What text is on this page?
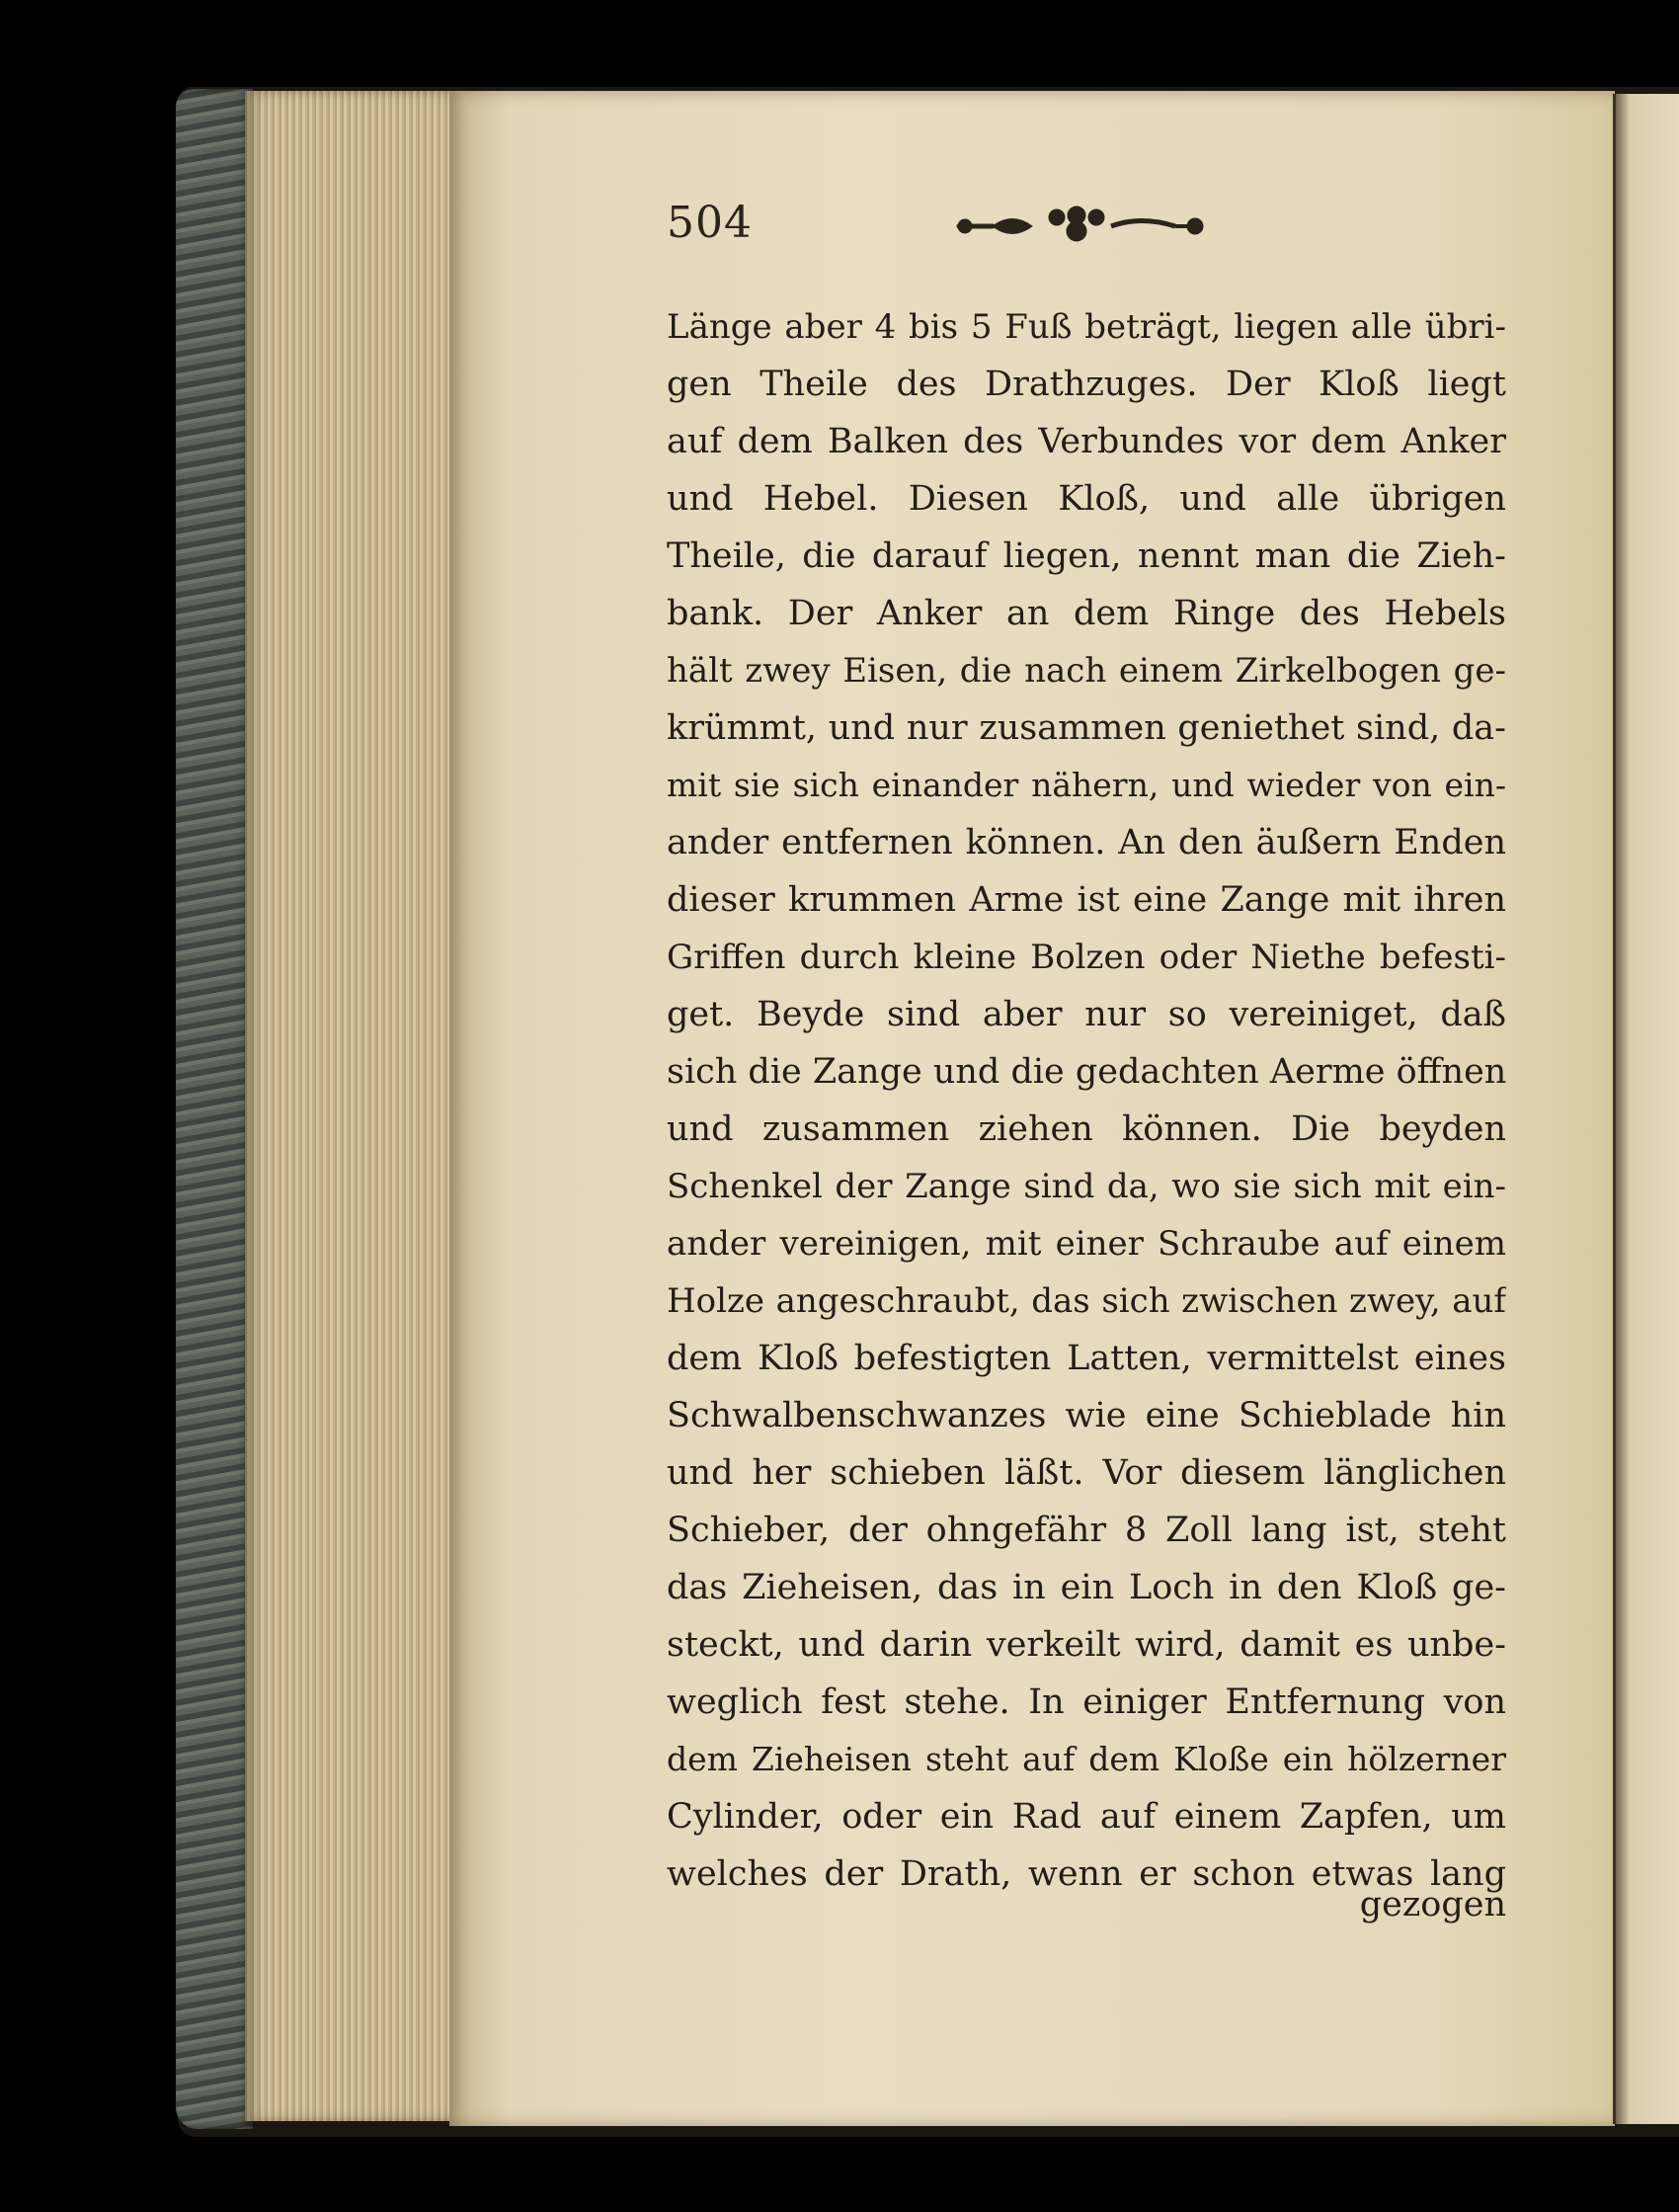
504
Länge aber 4 bis 5 Fuß beträgt, liegen alle übri-
gen Theile des Drathzuges. Der Kloß liegt
auf dem Balken des Verbundes vor dem Anker
und Hebel. Diesen Kloß, und alle übrigen
Theile, die darauf liegen, nennt man die Zieh-
bank. Der Anker an dem Ringe des Hebels
hält zwey Eisen, die nach einem Zirkelbogen ge-
krümmt, und nur zusammen geniethet sind, da-
mit sie sich einander nähern, und wieder von ein-
ander entfernen können. An den äußern Enden
dieser krummen Arme ist eine Zange mit ihren
Griffen durch kleine Bolzen oder Niethe befesti-
get. Beyde sind aber nur so vereiniget, daß
sich die Zange und die gedachten Aerme öffnen
und zusammen ziehen können. Die beyden
Schenkel der Zange sind da, wo sie sich mit ein-
ander vereinigen, mit einer Schraube auf einem
Holze angeschraubt, das sich zwischen zwey, auf
dem Kloß befestigten Latten, vermittelst eines
Schwalbenschwanzes wie eine Schieblade hin
und her schieben läßt. Vor diesem länglichen
Schieber, der ohngefähr 8 Zoll lang ist, steht
das Zieheisen, das in ein Loch in den Kloß ge-
steckt, und darin verkeilt wird, damit es unbe-
weglich fest stehe. In einiger Entfernung von
dem Zieheisen steht auf dem Kloße ein hölzerner
Cylinder, oder ein Rad auf einem Zapfen, um
welches der Drath, wenn er schon etwas lang
gezogen
